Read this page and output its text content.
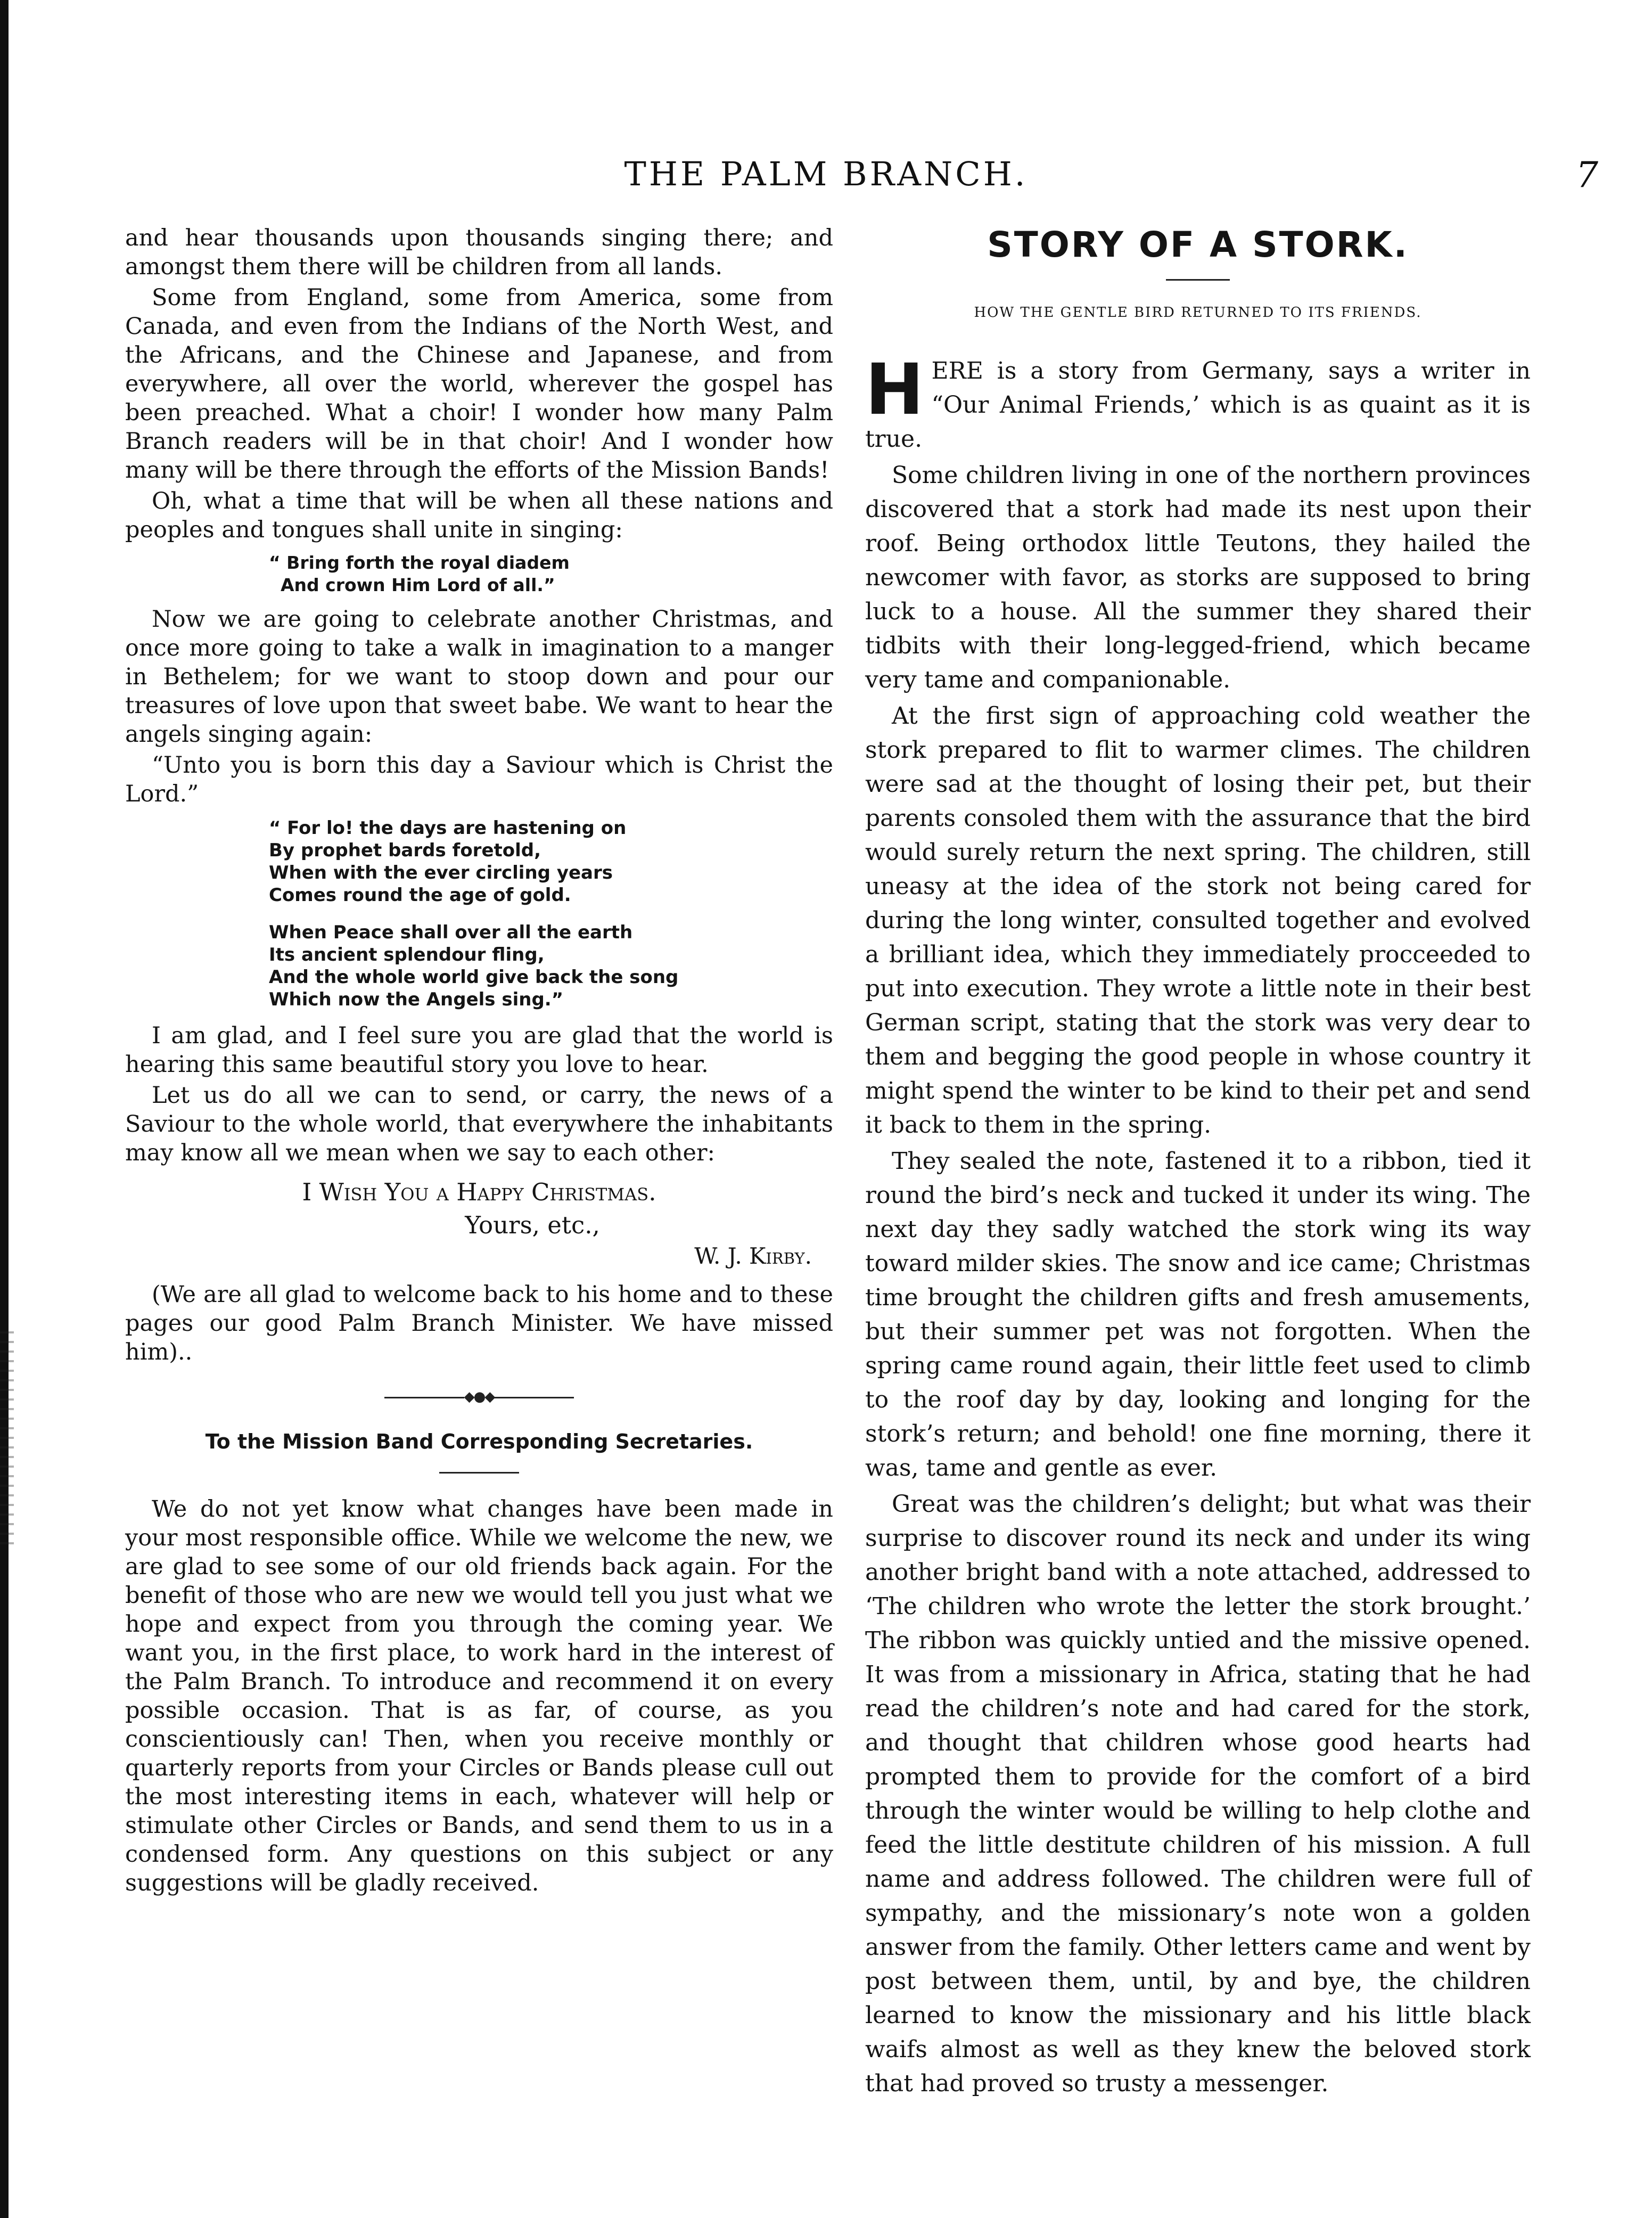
THE PALM BRANCH.	7

and hear thousands upon thousands singing there; and amongst them there will be children from all lands.

Some from England, some from America, some from Canada, and even from the Indians of the North West, and the Africans, and the Chinese and Japanese, and from everywhere, all over the world, wherever the gospel has been preached. What a choir! I wonder how many Palm Branch readers will be in that choir! And I wonder how many will be there through the efforts of the Mission Bands!

Oh, what a time that will be when all these nations and peoples and tongues shall unite in singing:

“ Bring forth the royal diadem
And crown Him Lord of all.”

Now we are going to celebrate another Christmas, and once more going to take a walk in imagination to a manger in Bethelem; for we want to stoop down and pour our treasures of love upon that sweet babe. We want to hear the angels singing again:

“Unto you is born this day a Saviour which is Christ the Lord.”

“ For lo! the days are hastening on
By prophet bards foretold,
When with the ever circling years
Comes round the age of gold.
When Peace shall over all the earth
Its ancient splendour fling,
And the whole world give back the song
Which now the Angels sing.”

I am glad, and I feel sure you are glad that the world is hearing this same beautiful story you love to hear.

Let us do all we can to send, or carry, the news of a Saviour to the whole world, that everywhere the inhabitants may know all we mean when we say to each other:

I Wish You a Happy Christmas.
Yours, etc.,
W. J. Kirby.

(We are all glad to welcome back to his home and to these pages our good Palm Branch Minister. We have missed him)..

◆●◆
To the Mission Band Corresponding Secretaries.

We do not yet know what changes have been made in your most responsible office. While we welcome the new, we are glad to see some of our old friends back again. For the benefit of those who are new we would tell you just what we hope and expect from you through the coming year. We want you, in the first place, to work hard in the interest of the Palm Branch. To introduce and recommend it on every possible occasion. That is as far, of course, as you conscientiously can! Then, when you receive monthly or quarterly reports from your Circles or Bands please cull out the most interesting items in each, whatever will help or stimulate other Circles or Bands, and send them to us in a condensed form. Any questions on this subject or any suggestions will be gladly received.

STORY OF A STORK.
HOW THE GENTLE BIRD RETURNED TO ITS FRIENDS.

HERE is a story from Germany, says a writer in “Our Animal Friends,’ which is as quaint as it is true.

Some children living in one of the northern provinces discovered that a stork had made its nest upon their roof. Being orthodox little Teutons, they hailed the newcomer with favor, as storks are supposed to bring luck to a house. All the summer they shared their tidbits with their long-legged-friend, which became very tame and companionable.

At the first sign of approaching cold weather the stork prepared to flit to warmer climes. The children were sad at the thought of losing their pet, but their parents consoled them with the assurance that the bird would surely return the next spring. The children, still uneasy at the idea of the stork not being cared for during the long winter, consulted together and evolved a brilliant idea, which they immediately procceeded to put into execution. They wrote a little note in their best German script, stating that the stork was very dear to them and begging the good people in whose country it might spend the winter to be kind to their pet and send it back to them in the spring.

They sealed the note, fastened it to a ribbon, tied it round the bird’s neck and tucked it under its wing. The next day they sadly watched the stork wing its way toward milder skies. The snow and ice came; Christmas time brought the children gifts and fresh amusements, but their summer pet was not forgotten. When the spring came round again, their little feet used to climb to the roof day by day, looking and longing for the stork’s return; and behold! one fine morning, there it was, tame and gentle as ever.

Great was the children’s delight; but what was their surprise to discover round its neck and under its wing another bright band with a note attached, addressed to ‘The children who wrote the letter the stork brought.’ The ribbon was quickly untied and the missive opened. It was from a missionary in Africa, stating that he had read the children’s note and had cared for the stork, and thought that children whose good hearts had prompted them to provide for the comfort of a bird through the winter would be willing to help clothe and feed the little destitute children of his mission. A full name and address followed. The children were full of sympathy, and the missionary’s note won a golden answer from the family. Other letters came and went by post between them, until, by and bye, the children learned to know the missionary and his little black waifs almost as well as they knew the beloved stork that had proved so trusty a messenger.
